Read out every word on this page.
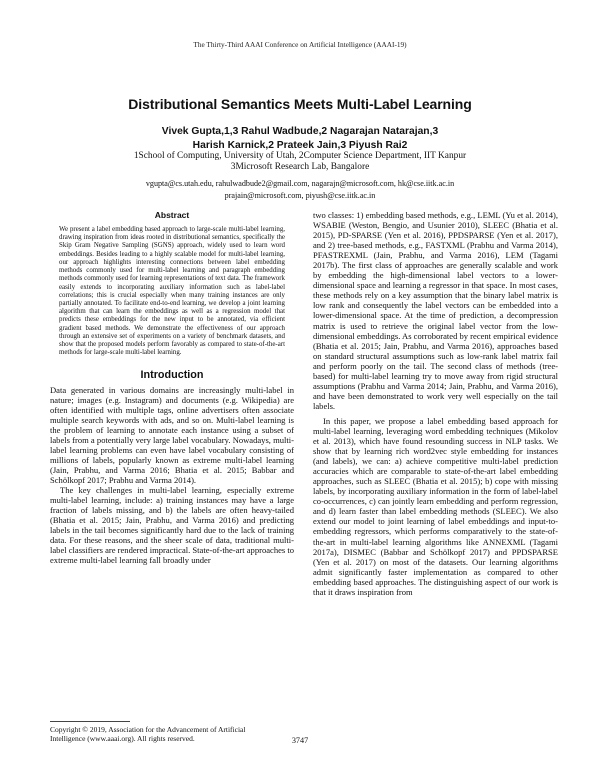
The Thirty-Third AAAI Conference on Artificial Intelligence (AAAI-19)
Distributional Semantics Meets Multi-Label Learning
Vivek Gupta,1,3 Rahul Wadbude,2 Nagarajan Natarajan,3
Harish Karnick,2 Prateek Jain,3 Piyush Rai2
1School of Computing, University of Utah, 2Computer Science Department, IIT Kanpur
3Microsoft Research Lab, Bangalore
vgupta@cs.utah.edu, rahulwadbude2@gmail.com, nagarajn@microsoft.com, hk@cse.iitk.ac.in
prajain@microsoft.com, piyush@cse.iitk.ac.in
Abstract

We present a label embedding based approach to large-scale multi-label learning, drawing inspiration from ideas rooted in distributional semantics, specifically the Skip Gram Negative Sampling (SGNS) approach, widely used to learn word embeddings. Besides leading to a highly scalable model for multi-label learning, our approach highlights interesting connections between label embedding methods commonly used for multi-label learning and paragraph embedding methods commonly used for learning representations of text data. The framework easily extends to incorporating auxiliary information such as label-label correlations; this is crucial especially when many training instances are only partially annotated. To facilitate end-to-end learning, we develop a joint learning algorithm that can learn the embeddings as well as a regression model that predicts these embeddings for the new input to be annotated, via efficient gradient based methods. We demonstrate the effectiveness of our approach through an extensive set of experiments on a variety of benchmark datasets, and show that the proposed models perform favorably as compared to state-of-the-art methods for large-scale multi-label learning.

Introduction

Data generated in various domains are increasingly multi-label in nature; images (e.g. Instagram) and documents (e.g. Wikipedia) are often identified with multiple tags, online advertisers often associate multiple search keywords with ads, and so on. Multi-label learning is the problem of learning to annotate each instance using a subset of labels from a potentially very large label vocabulary. Nowadays, multi-label learning problems can even have label vocabulary consisting of millions of labels, popularly known as extreme multi-label learning (Jain, Prabhu, and Varma 2016; Bhatia et al. 2015; Babbar and Schölkopf 2017; Prabhu and Varma 2014).

The key challenges in multi-label learning, especially extreme multi-label learning, include: a) training instances may have a large fraction of labels missing, and b) the labels are often heavy-tailed (Bhatia et al. 2015; Jain, Prabhu, and Varma 2016) and predicting labels in the tail becomes significantly hard due to the lack of training data. For these reasons, and the sheer scale of data, traditional multi-label classifiers are rendered impractical. State-of-the-art approaches to extreme multi-label learning fall broadly under

two classes: 1) embedding based methods, e.g., LEML (Yu et al. 2014), WSABIE (Weston, Bengio, and Usunier 2010), SLEEC (Bhatia et al. 2015), PD-SPARSE (Yen et al. 2016), PPDSPARSE (Yen et al. 2017), and 2) tree-based methods, e.g., FASTXML (Prabhu and Varma 2014), PFASTREXML (Jain, Prabhu, and Varma 2016), LEM (Tagami 2017b). The first class of approaches are generally scalable and work by embedding the high-dimensional label vectors to a lower-dimensional space and learning a regressor in that space. In most cases, these methods rely on a key assumption that the binary label matrix is low rank and consequently the label vectors can be embedded into a lower-dimensional space. At the time of prediction, a decompression matrix is used to retrieve the original label vector from the low-dimensional embeddings. As corroborated by recent empirical evidence (Bhatia et al. 2015; Jain, Prabhu, and Varma 2016), approaches based on standard structural assumptions such as low-rank label matrix fail and perform poorly on the tail. The second class of methods (tree-based) for multi-label learning try to move away from rigid structural assumptions (Prabhu and Varma 2014; Jain, Prabhu, and Varma 2016), and have been demonstrated to work very well especially on the tail labels.

In this paper, we propose a label embedding based approach for multi-label learning, leveraging word embedding techniques (Mikolov et al. 2013), which have found resounding success in NLP tasks. We show that by learning rich word2vec style embedding for instances (and labels), we can: a) achieve competitive multi-label prediction accuracies which are comparable to state-of-the-art label embedding approaches, such as SLEEC (Bhatia et al. 2015); b) cope with missing labels, by incorporating auxiliary information in the form of label-label co-occurrences, c) can jointly learn embedding and perform regression, and d) learn faster than label embedding methods (SLEEC). We also extend our model to joint learning of label embeddings and input-to-embedding regressors, which performs comparatively to the state-of-the-art in multi-label learning algorithms like ANNEXML (Tagami 2017a), DISMEC (Babbar and Schölkopf 2017) and PPDSPARSE (Yen et al. 2017) on most of the datasets. Our learning algorithms admit significantly faster implementation as compared to other embedding based approaches. The distinguishing aspect of our work is that it draws inspiration from

Copyright © 2019, Association for the Advancement of Artificial
Intelligence (www.aaai.org). All rights reserved.	3747
